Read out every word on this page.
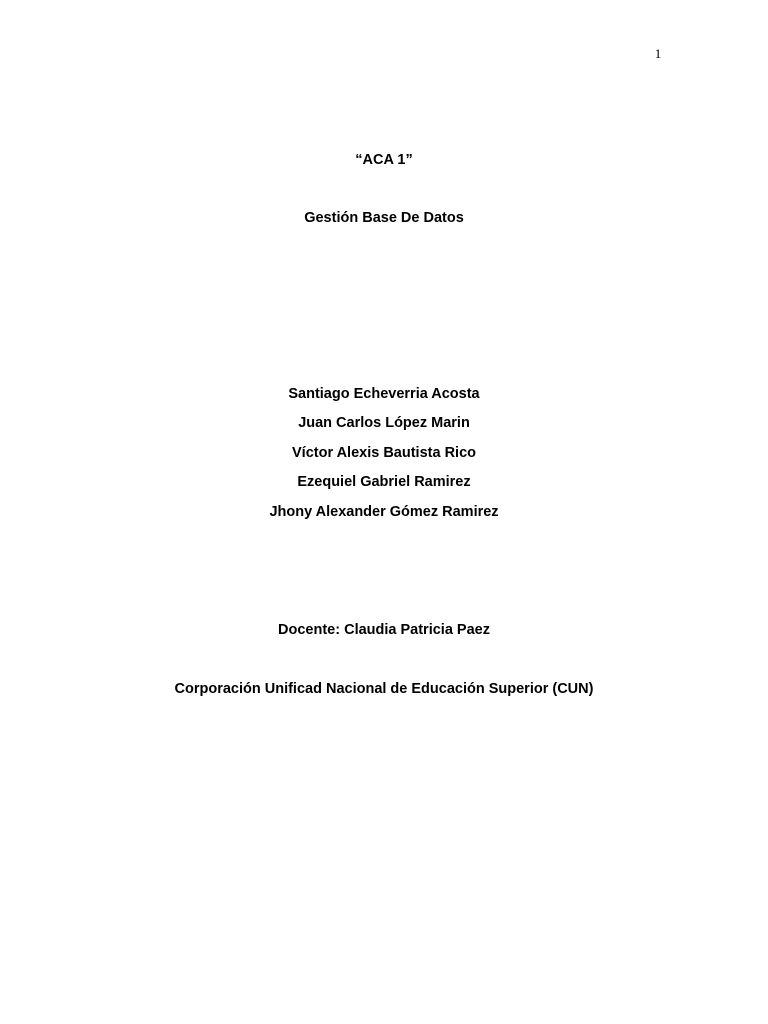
1
“ACA 1”
Gestión Base De Datos
Santiago Echeverria Acosta
Juan Carlos López Marin
Víctor Alexis Bautista Rico
Ezequiel Gabriel Ramirez
Jhony Alexander Gómez Ramirez
Docente: Claudia Patricia Paez
Corporación Unificad Nacional de Educación Superior (CUN)
